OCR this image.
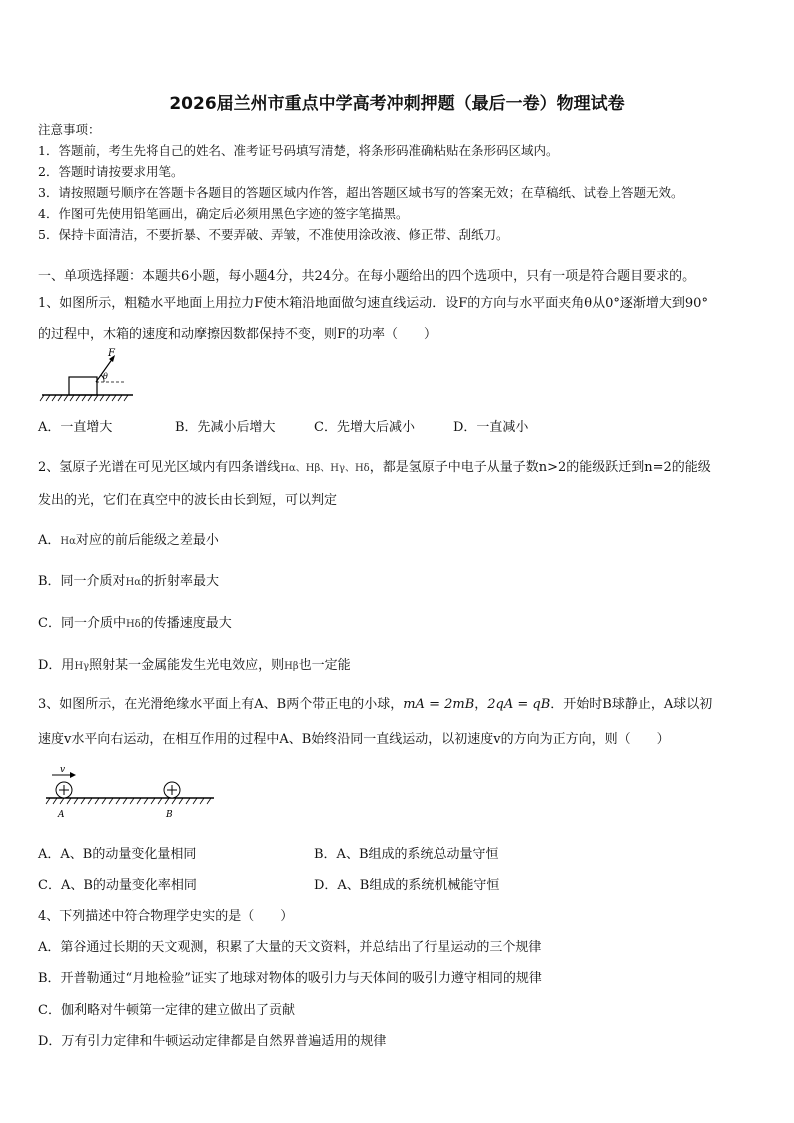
2026届兰州市重点中学高考冲刺押题（最后一卷）物理试卷
注意事项：
1．答题前，考生先将自己的姓名、准考证号码填写清楚，将条形码准确粘贴在条形码区域内。
2．答题时请按要求用笔。
3．请按照题号顺序在答题卡各题目的答题区域内作答，超出答题区域书写的答案无效；在草稿纸、试卷上答题无效。
4．作图可先使用铅笔画出，确定后必须用黑色字迹的签字笔描黑。
5．保持卡面清洁，不要折暴、不要弄破、弄皱，不准使用涂改液、修正带、刮纸刀。
一、单项选择题：本题共6小题，每小题4分，共24分。在每小题给出的四个选项中，只有一项是符合题目要求的。
1、如图所示，粗糙水平地面上用拉力F使木箱沿地面做匀速直线运动．设F的方向与水平面夹角θ从0°逐渐增大到90°
的过程中，木箱的速度和动摩擦因数都保持不变，则F的功率（　　）
F
θ
A．一直增大	B．先减小后增大	C．先增大后减小	D．一直减小
2、氢原子光谱在可见光区域内有四条谱线Hα、Hβ、Hγ、Hδ，都是氢原子中电子从量子数n>2的能级跃迁到n=2的能级
发出的光，它们在真空中的波长由长到短，可以判定
A．Hα对应的前后能级之差最小
B．同一介质对Hα的折射率最大
C．同一介质中Hδ的传播速度最大
D．用Hγ照射某一金属能发生光电效应，则Hβ也一定能
3、如图所示，在光滑绝缘水平面上有A、B两个带正电的小球，mA = 2mB，2qA = qB．开始时B球静止，A球以初
速度v水平向右运动，在相互作用的过程中A、B始终沿同一直线运动，以初速度v的方向为正方向，则（　　）
v
A	B
A．A、B的动量变化量相同	B．A、B组成的系统总动量守恒
C．A、B的动量变化率相同	D．A、B组成的系统机械能守恒
4、下列描述中符合物理学史实的是（　　）
A．第谷通过长期的天文观测，积累了大量的天文资料，并总结出了行星运动的三个规律
B．开普勒通过“月地检验”证实了地球对物体的吸引力与天体间的吸引力遵守相同的规律
C．伽利略对牛顿第一定律的建立做出了贡献
D．万有引力定律和牛顿运动定律都是自然界普遍适用的规律
